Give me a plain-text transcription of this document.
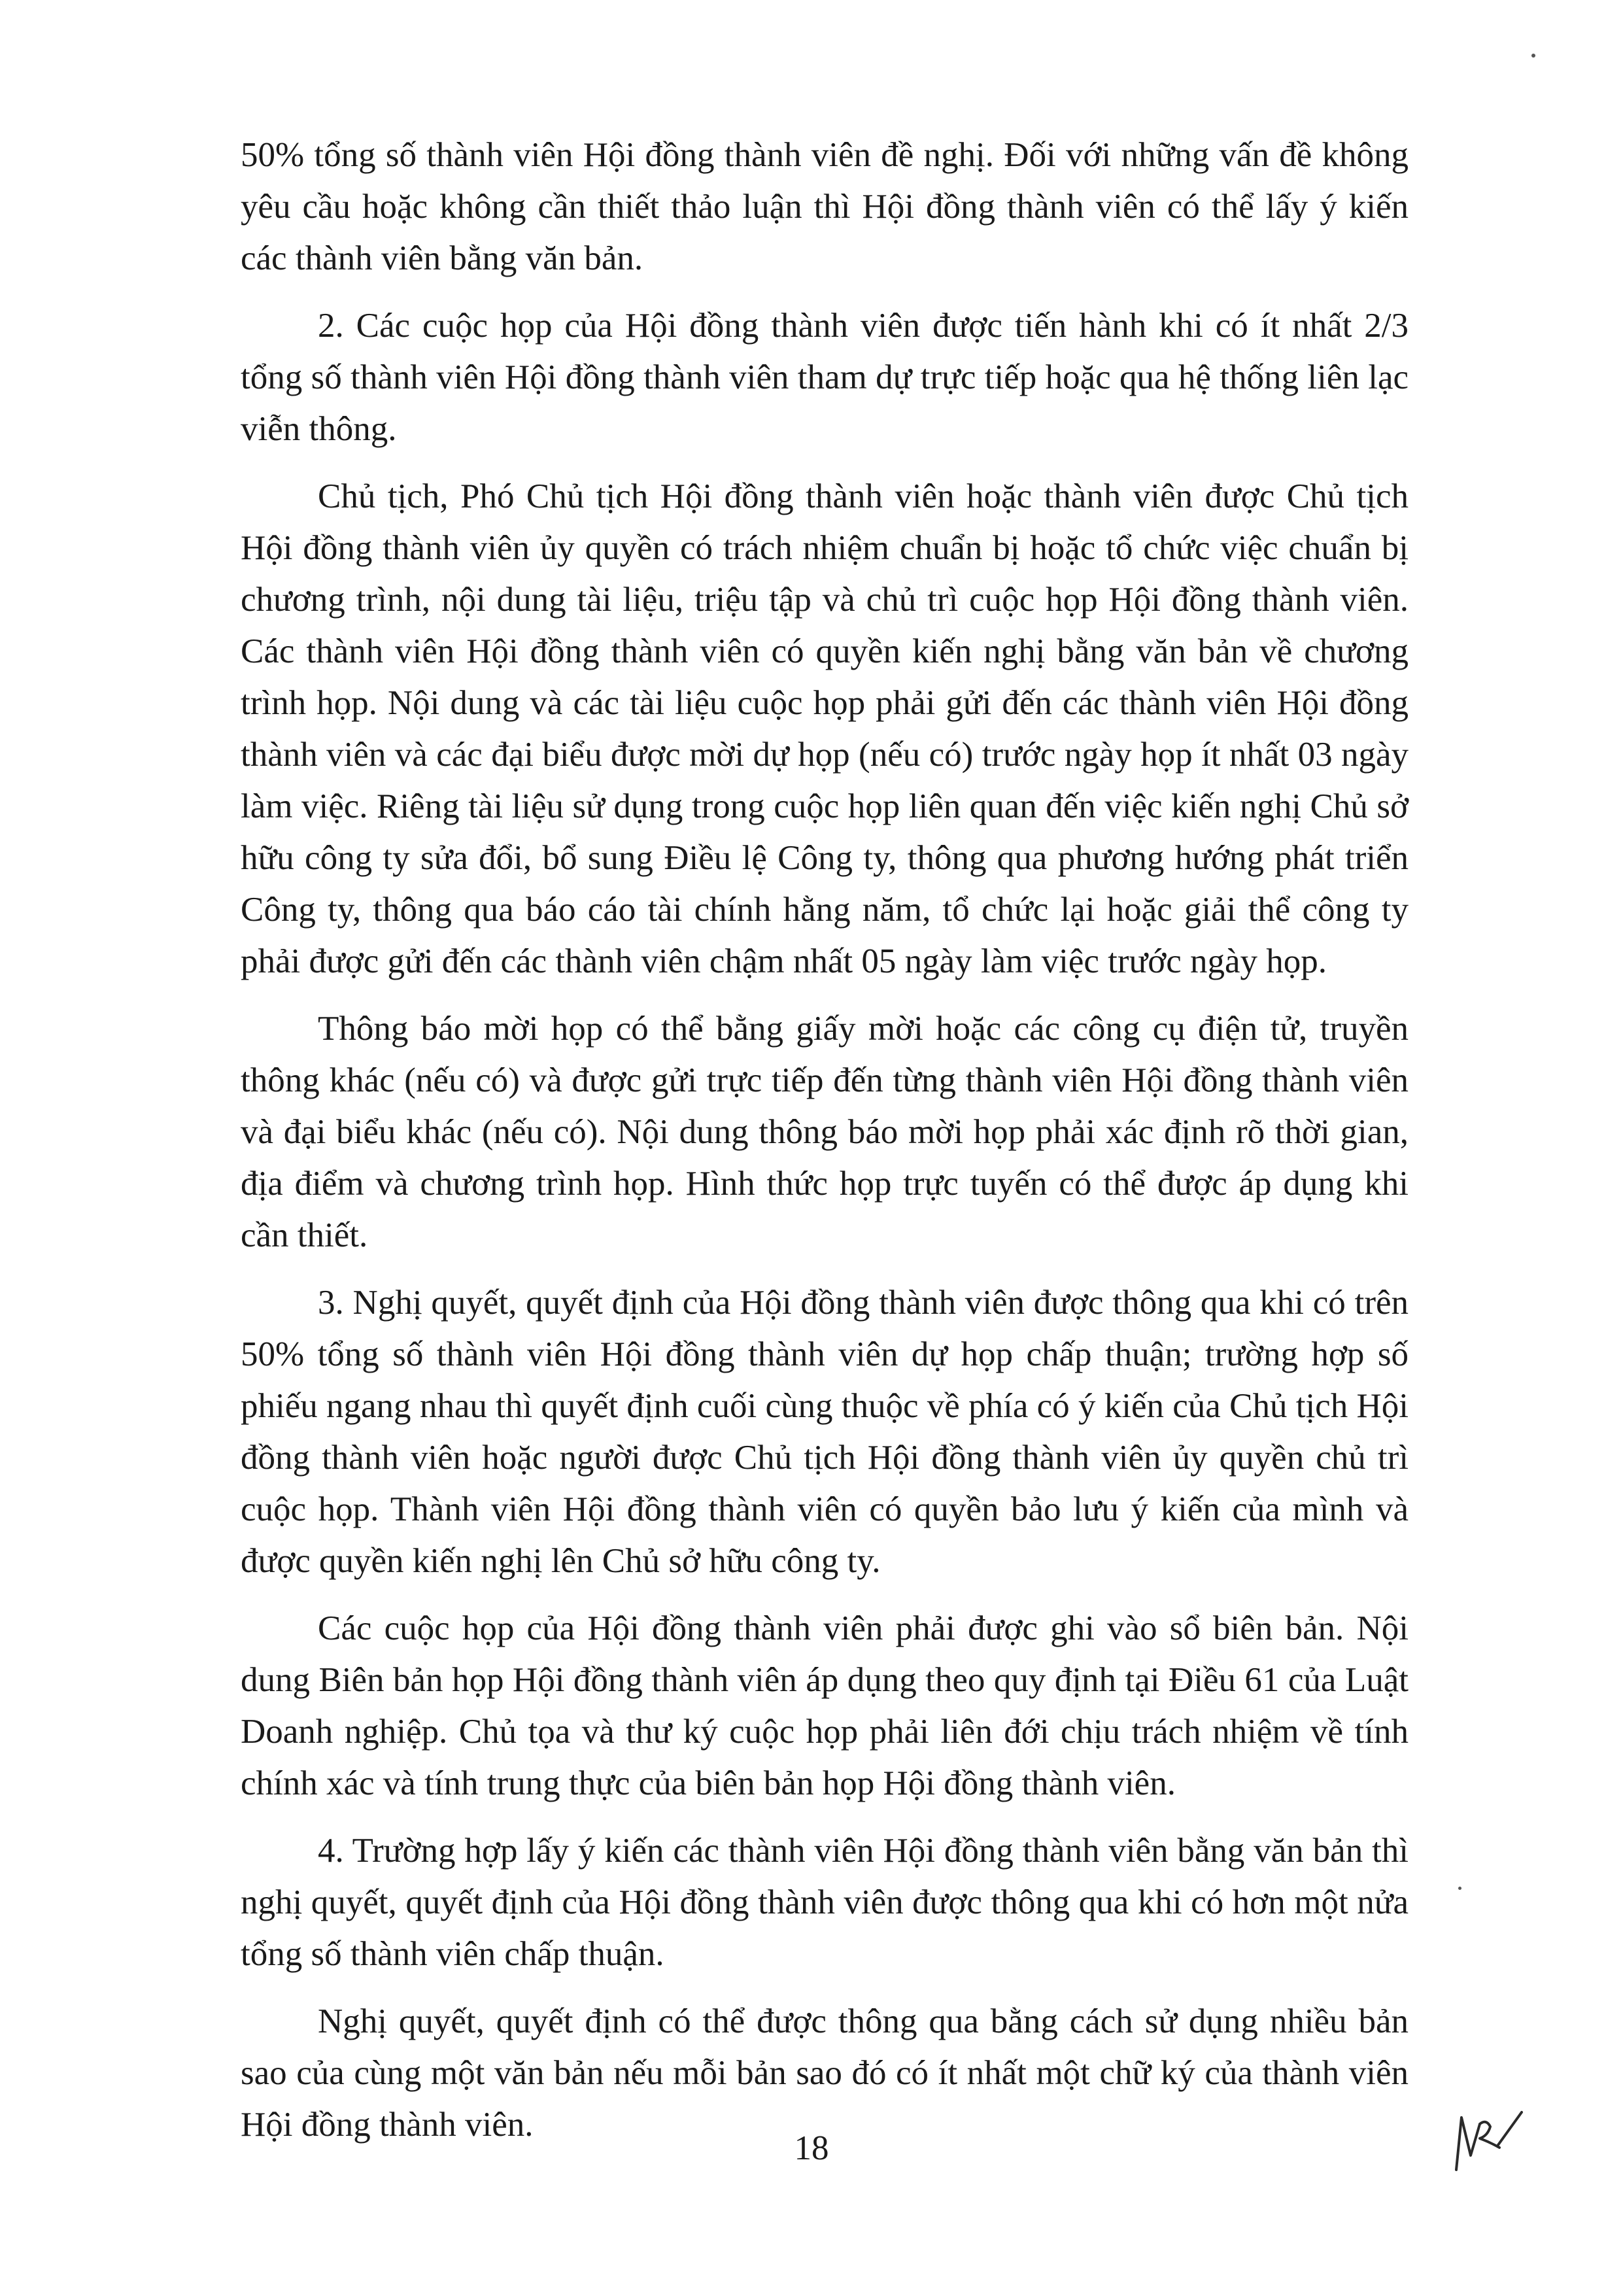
50% tổng số thành viên Hội đồng thành viên đề nghị. Đối với những vấn đề không yêu cầu hoặc không cần thiết thảo luận thì Hội đồng thành viên có thể lấy ý kiến các thành viên bằng văn bản.

2. Các cuộc họp của Hội đồng thành viên được tiến hành khi có ít nhất 2/3 tổng số thành viên Hội đồng thành viên tham dự trực tiếp hoặc qua hệ thống liên lạc viễn thông.

Chủ tịch, Phó Chủ tịch Hội đồng thành viên hoặc thành viên được Chủ tịch Hội đồng thành viên ủy quyền có trách nhiệm chuẩn bị hoặc tổ chức việc chuẩn bị chương trình, nội dung tài liệu, triệu tập và chủ trì cuộc họp Hội đồng thành viên. Các thành viên Hội đồng thành viên có quyền kiến nghị bằng văn bản về chương trình họp. Nội dung và các tài liệu cuộc họp phải gửi đến các thành viên Hội đồng thành viên và các đại biểu được mời dự họp (nếu có) trước ngày họp ít nhất 03 ngày làm việc. Riêng tài liệu sử dụng trong cuộc họp liên quan đến việc kiến nghị Chủ sở hữu công ty sửa đổi, bổ sung Điều lệ Công ty, thông qua phương hướng phát triển Công ty, thông qua báo cáo tài chính hằng năm, tổ chức lại hoặc giải thể công ty phải được gửi đến các thành viên chậm nhất 05 ngày làm việc trước ngày họp.

Thông báo mời họp có thể bằng giấy mời hoặc các công cụ điện tử, truyền thông khác (nếu có) và được gửi trực tiếp đến từng thành viên Hội đồng thành viên và đại biểu khác (nếu có). Nội dung thông báo mời họp phải xác định rõ thời gian, địa điểm và chương trình họp. Hình thức họp trực tuyến có thể được áp dụng khi cần thiết.

3. Nghị quyết, quyết định của Hội đồng thành viên được thông qua khi có trên 50% tổng số thành viên Hội đồng thành viên dự họp chấp thuận; trường hợp số phiếu ngang nhau thì quyết định cuối cùng thuộc về phía có ý kiến của Chủ tịch Hội đồng thành viên hoặc người được Chủ tịch Hội đồng thành viên ủy quyền chủ trì cuộc họp. Thành viên Hội đồng thành viên có quyền bảo lưu ý kiến của mình và được quyền kiến nghị lên Chủ sở hữu công ty.

Các cuộc họp của Hội đồng thành viên phải được ghi vào sổ biên bản. Nội dung Biên bản họp Hội đồng thành viên áp dụng theo quy định tại Điều 61 của Luật Doanh nghiệp. Chủ tọa và thư ký cuộc họp phải liên đới chịu trách nhiệm về tính chính xác và tính trung thực của biên bản họp Hội đồng thành viên.

4. Trường hợp lấy ý kiến các thành viên Hội đồng thành viên bằng văn bản thì nghị quyết, quyết định của Hội đồng thành viên được thông qua khi có hơn một nửa tổng số thành viên chấp thuận.

Nghị quyết, quyết định có thể được thông qua bằng cách sử dụng nhiều bản sao của cùng một văn bản nếu mỗi bản sao đó có ít nhất một chữ ký của thành viên Hội đồng thành viên.

18
